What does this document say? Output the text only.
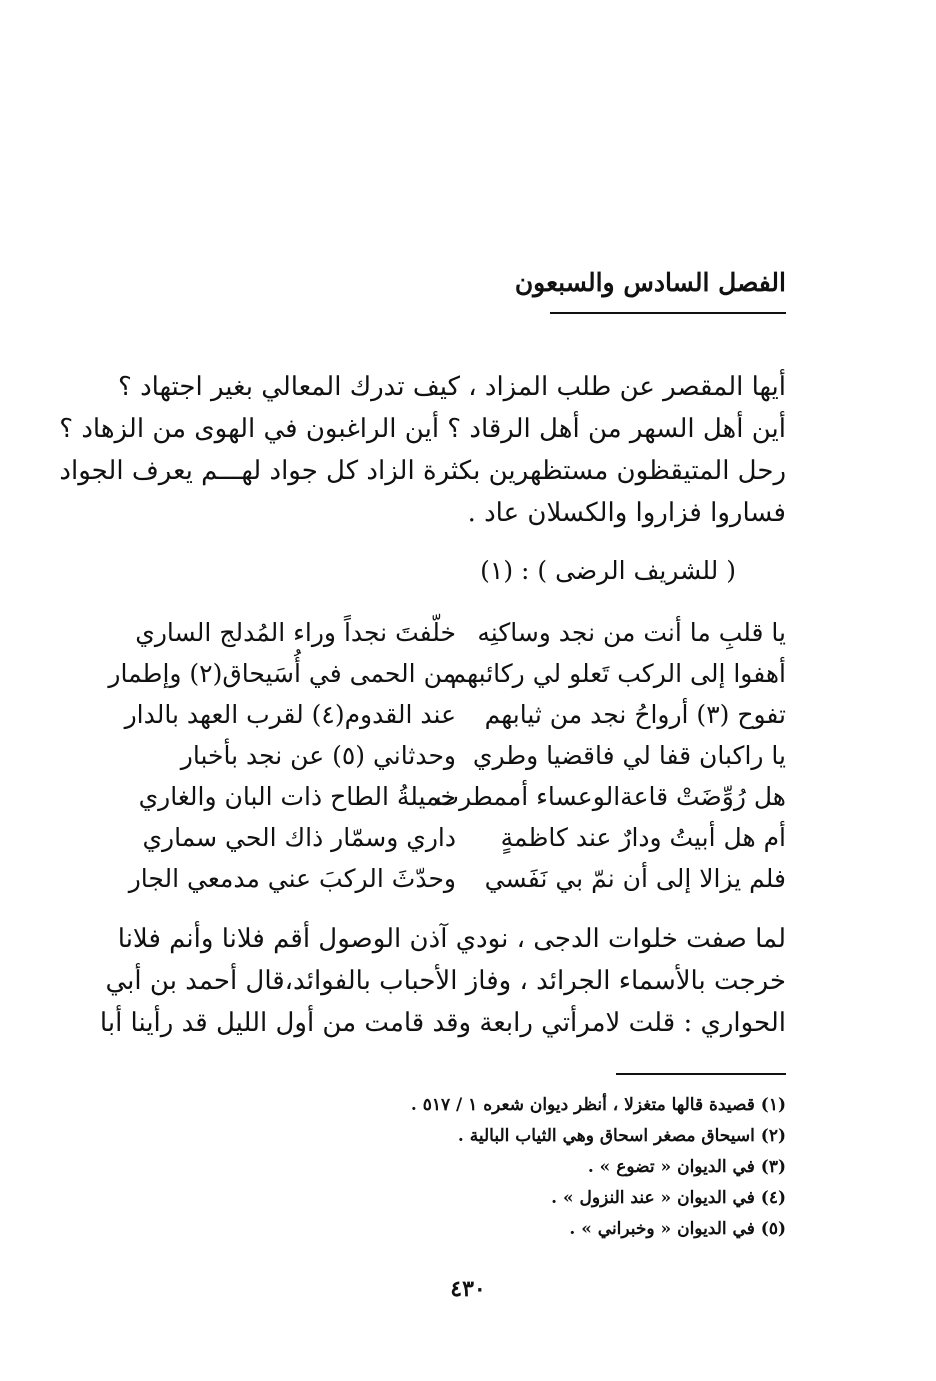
الفصل السادس والسبعون

أيها المقصر عن طلب المزاد ، كيف تدرك المعالي بغير اجتهاد ؟
أين أهل السهر من أهل الرقاد ؟ أين الراغبون في الهوى من الزهاد ؟
رحل المتيقظون مستظهرين بكثرة الزاد كل جواد لهـــم يعرف الجواد
فساروا فزاروا والكسلان عاد .

( للشريف الرضى ) : (١)
يا قلبِ ما أنت من نجد وساكنِه
خلّفتَ نجداً وراء المُدلج الساري
أهفوا إلى الركب تَعلو لي ركائبهم
من الحمى في أُسَيحاق(٢) وإطمار
تفوح (٣) أرواحُ نجد من ثيابهم
عند القدوم(٤) لقرب العهد بالدار
يا راكبان قفا لي فاقضيا وطري
وحدثاني (٥) عن نجد بأخبار
هل رُوِّضَتْ قاعةالوعساء أممطرت
خميلةُ الطاح ذات البان والغاري
أم هل أبيتُ ودارٌ عند كاظمةٍ
داري وسمّار ذاك الحي سماري
فلم يزالا إلى أن نمّ بي نَفَسي
وحدّثَ الركبَ عني مدمعي الجار

لما صفت خلوات الدجى ، نودي آذن الوصول أقم فلانا وأنم فلانا
خرجت بالأسماء الجرائد ، وفاز الأحباب بالفوائد،قال أحمد بن أبي
الحواري : قلت لامرأتي رابعة وقد قامت من أول الليل قد رأينا أبا

(١) قصيدة قالها متغزلا ، أنظر ديوان شعره ١ / ٥١٧ .
(٢) اسيحاق مصغر اسحاق وهي الثياب البالية .
(٣) في الديوان « تضوع » .
(٤) في الديوان « عند النزول » .
(٥) في الديوان « وخبراني » .
٤٣٠
